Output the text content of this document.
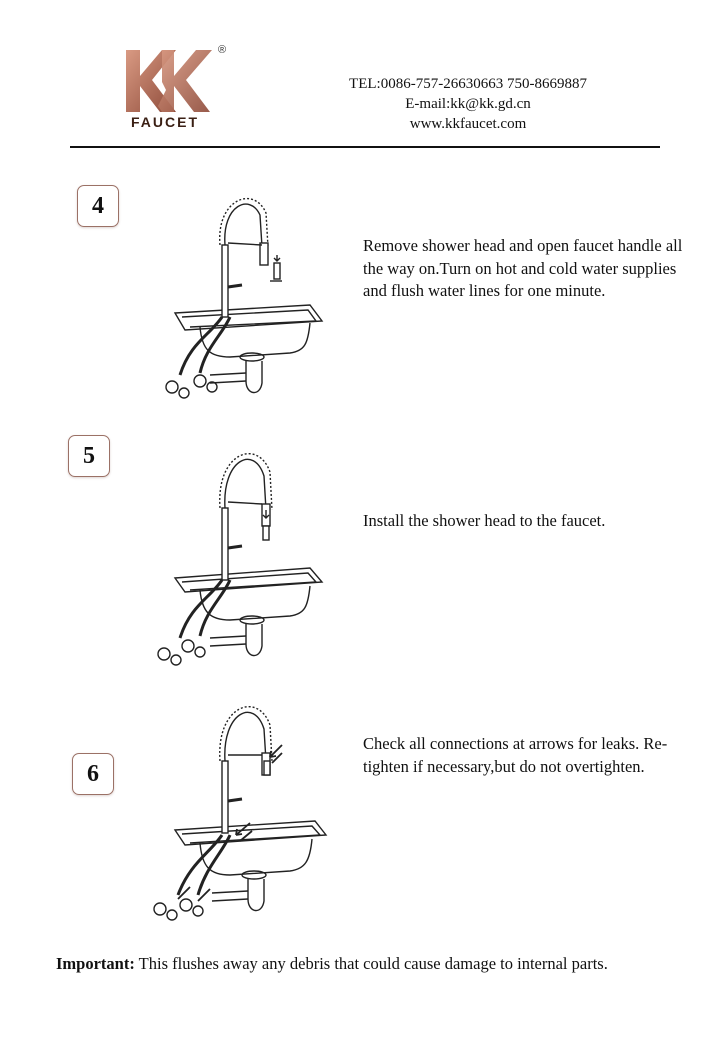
®
FAUCET
TEL:0086-757-26630663 750-8669887
E-mail:kk@kk.gd.cn
www.kkfaucet.com
4
Remove shower head and open faucet handle all the way on.Turn on hot and cold water supplies and flush water lines for one minute.
5
Install the shower head to the faucet.
6
Check all connections at arrows for leaks. Re-tighten if necessary,but do not overtighten.
Important: This flushes away any debris that could cause damage to internal parts.
